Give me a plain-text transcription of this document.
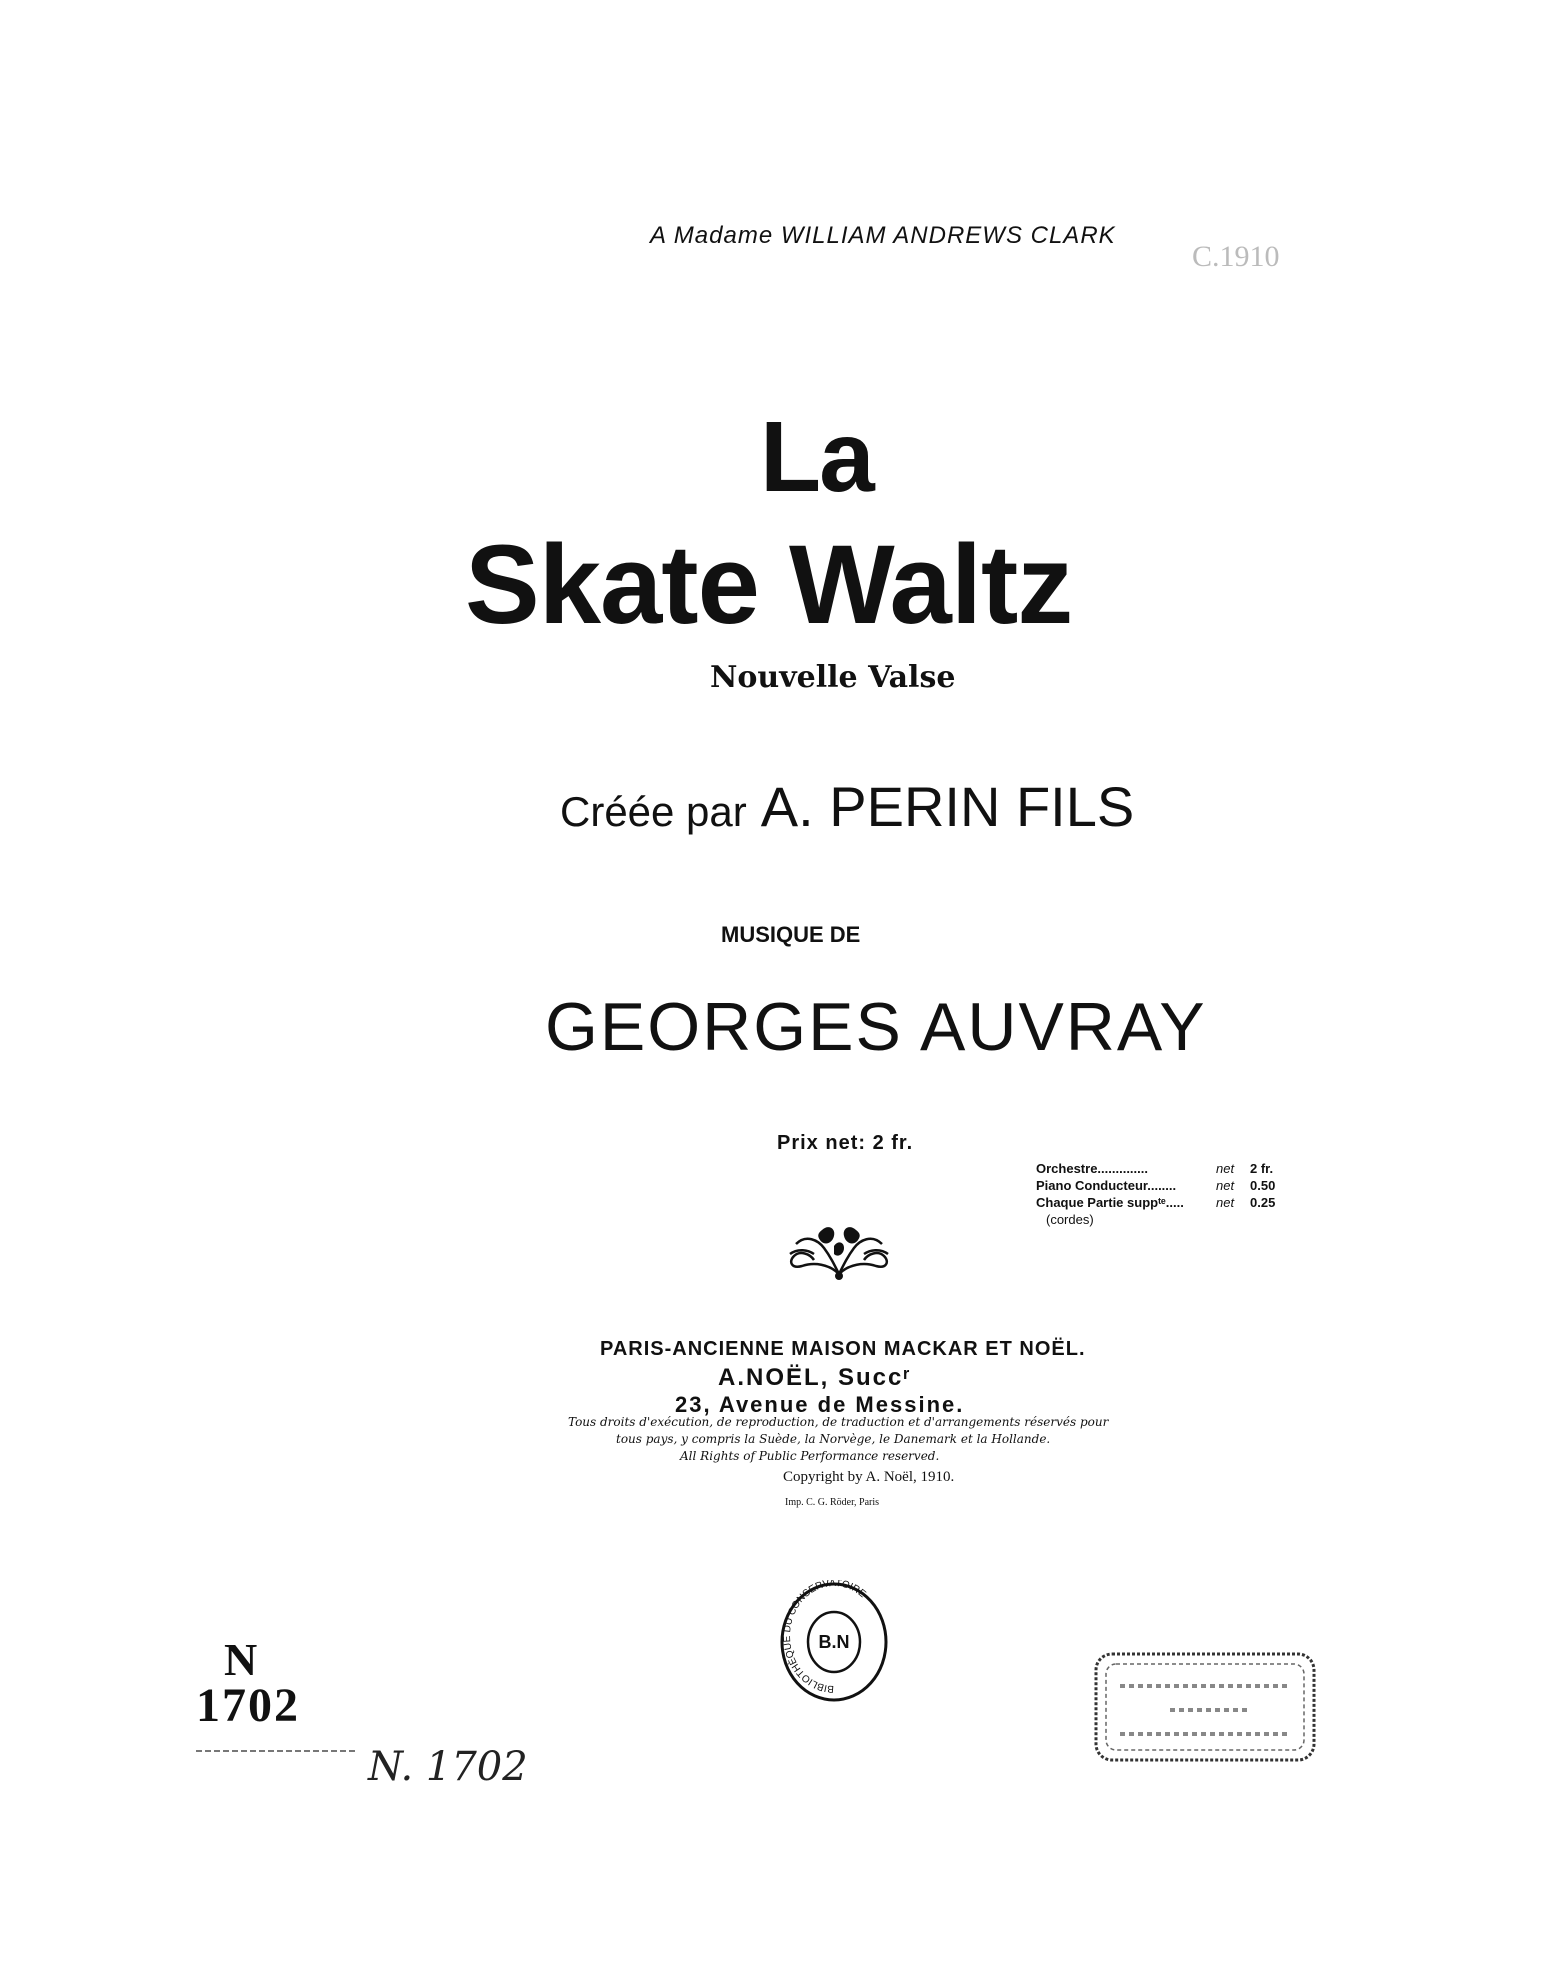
A Madame WILLIAM ANDREWS CLARK
C.1910
La
Skate Waltz
Nouvelle Valse
Créée par A. PERIN FILS
MUSIQUE DE
GEORGES AUVRAY
Prix net: 2 fr.
Orchestre..............	net 2 fr.
Piano Conducteur........	net 0.50
Chaque Partie suppᵗᵉ..... net 0.25
(cordes)
PARIS-ANCIENNE MAISON MACKAR ET NOËL.
A.NOËL, Succʳ
23, Avenue de Messine.
Tous droits d'exécution, de reproduction, de traduction et d'arrangements réservés pour
tous pays, y compris la Suède, la Norvège, le Danemark et la Hollande.
All Rights of Public Performance reserved.
Copyright by A. Noël, 1910.
Imp. C. G. Röder, Paris
BIBLIOTHÈQUE DU CONSERVATOIRE
B.N
N
1702
N. 1702
